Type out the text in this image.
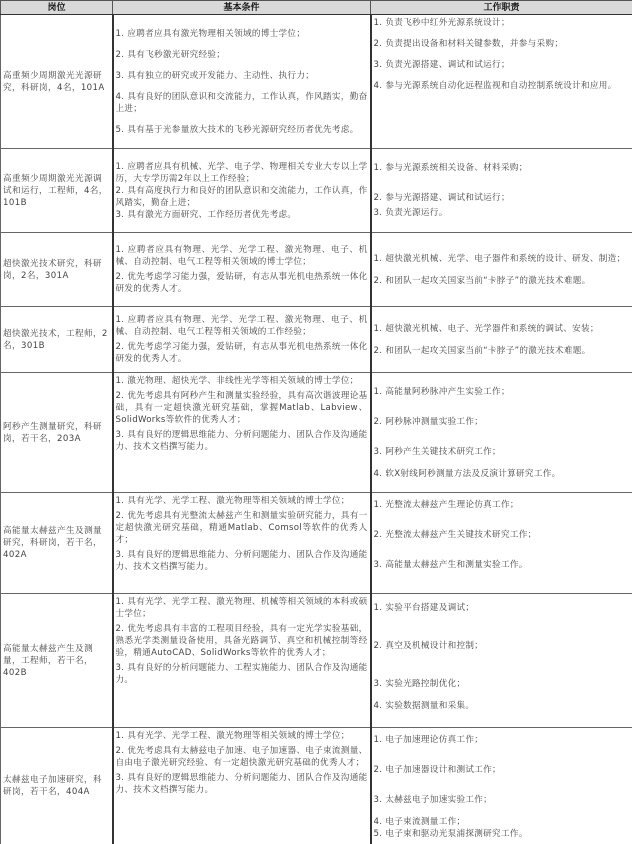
岗位	基本条件	工作职责
高重频少周期激光光源研究，科研岗，4名，101A	1. 应聘者应具有激光物理相关领域的博士学位；
2. 具有飞秒激光研究经验；
3. 具有独立的研究或开发能力、主动性、执行力；
4. 具有良好的团队意识和交流能力，工作认真，作风踏实，勤奋上进；
5. 具有基于光参量放大技术的飞秒光源研究经历者优先考虑。	1. 负责飞秒中红外光源系统设计；
2. 负责提出设备和材料关键参数，并参与采购；
3. 负责光源搭建、调试和试运行；
4. 参与光源系统自动化远程监视和自动控制系统设计和应用。

高重频少周期激光光源调试和运行，工程师，4名，101B	1. 应聘者应具有机械、光学、电子学、物理相关专业大专以上学历，大专学历需2年以上工作经验；
2. 具有高度执行力和良好的团队意识和交流能力，工作认真，作风踏实，勤奋上进；
3. 具有激光方面研究、工作经历者优先考虑。	1. 参与光源系统相关设备、材料采购；
2. 参与光源搭建、调试和试运行；
3. 负责光源运行。

超快激光技术研究，科研岗，2名，301A	1. 应聘者应具有物理、光学、光学工程、激光物理、电子、机械、自动控制、电气工程等相关领域的博士学位；
2. 优先考虑学习能力强，爱钻研，有志从事光机电热系统一体化研发的优秀人才。	1. 超快激光机械、光学、电子器件和系统的设计、研发、制造；
2. 和团队一起攻关国家当前“卡脖子”的激光技术难题。

超快激光技术，工程师，2名，301B	1. 应聘者应具有物理、光学、光学工程、激光物理、电子、机械、自动控制、电气工程等相关领域的工作经验；
2. 优先考虑学习能力强，爱钻研，有志从事光机电热系统一体化研发的优秀人才。	1. 超快激光机械、电子、光学器件和系统的调试、安装；
2. 和团队一起攻关国家当前“卡脖子”的激光技术难题。

阿秒产生测量研究，科研岗，若干名，203A	1. 激光物理、超快光学、非线性光学等相关领域的博士学位；
2. 优先考虑具有阿秒产生和测量实验经验，具有高次谐波理论基础，具有一定超快激光研究基础，掌握Matlab、Labview、SolidWorks等软件的优秀人才；
3. 具有良好的逻辑思维能力、分析问题能力、团队合作及沟通能力、技术文档撰写能力。	1. 高能量阿秒脉冲产生实验工作；
2. 阿秒脉冲测量实验工作；
3. 阿秒产生关键技术研究工作；
4. 软X射线阿秒测量方法及反演计算研究工作。

高能量太赫兹产生及测量研究，科研岗，若干名，402A	1. 具有光学、光学工程、激光物理等相关领域的博士学位；
2. 优先考虑具有光整流太赫兹产生和测量实验研究能力，具有一定超快激光研究基础，精通Matlab、Comsol等软件的优秀人才；
3. 具有良好的逻辑思维能力、分析问题能力、团队合作及沟通能力、技术文档撰写能力。	1. 光整流太赫兹产生理论仿真工作；
2. 光整流太赫兹产生关键技术研究工作；
3. 高能量太赫兹产生和测量实验工作。

高能量太赫兹产生及测量，工程师，若干名，402B	1. 具有光学、光学工程、激光物理、机械等相关领域的本科或硕士学位；
2. 优先考虑具有丰富的工程项目经验，具有一定光学实验基础，熟悉光学类测量设备使用，具备光路调节、真空和机械控制等经验，精通AutoCAD、SolidWorks等软件的优秀人才；
3. 具有良好的分析问题能力、工程实施能力、团队合作及沟通能力。	1. 实验平台搭建及调试；
2. 真空及机械设计和控制；
3. 实验光路控制优化；
4. 实验数据测量和采集。

太赫兹电子加速研究，科研岗，若干名，404A	1. 具有光学、光学工程、激光物理等相关领域的博士学位；
2. 优先考虑具有太赫兹电子加速、电子加速器、电子束流测量、自由电子激光研究经验、有一定超快激光研究基础的优秀人才；
3. 具有良好的逻辑思维能力、分析问题能力、团队合作及沟通能力、技术文档撰写能力。	1. 电子加速理论仿真工作；
2. 电子加速器设计和测试工作；
3. 太赫兹电子加速实验工作；
4. 电子束流测量工作；
5. 电子束和驱动光泵浦探测研究工作。
